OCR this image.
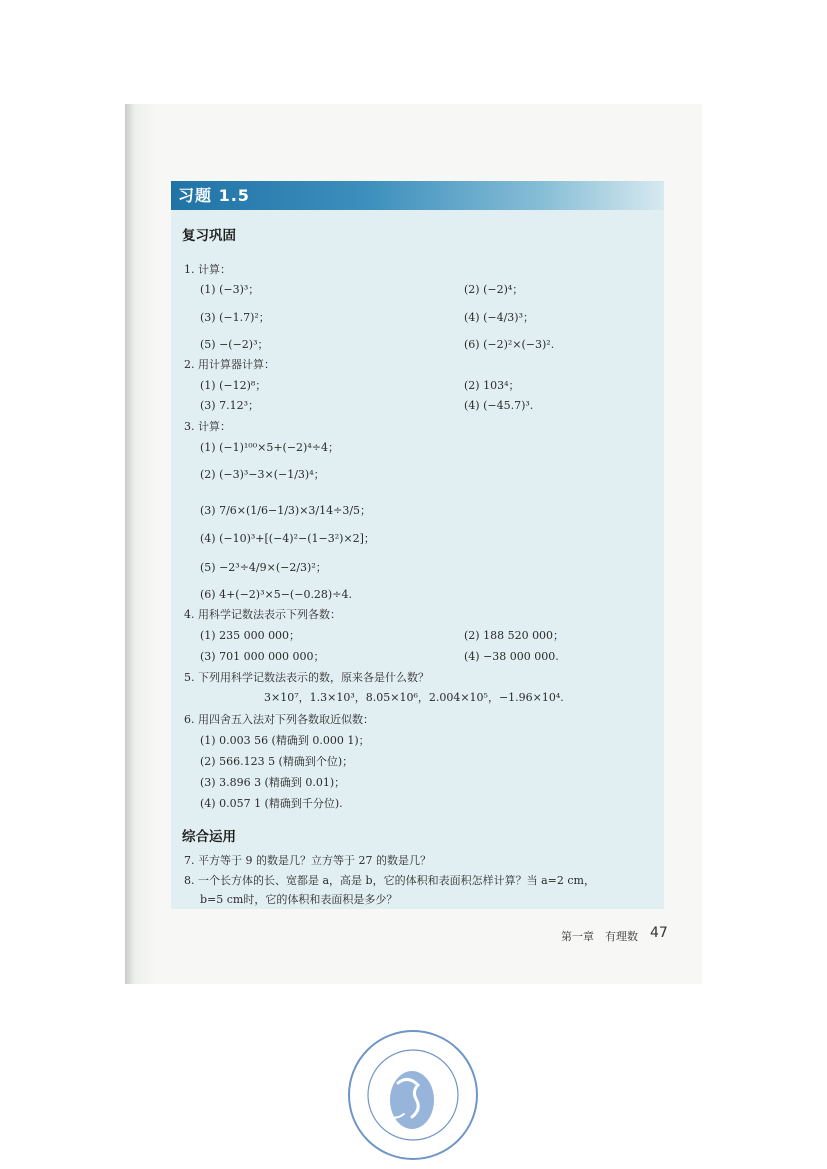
习题 1.5
复习巩固
1. 计算：
(1) (−3)³；	(2) (−2)⁴；
(3) (−1.7)²；	(4) (−4/3)³；
(5) −(−2)³；	(6) (−2)²×(−3)².
2. 用计算器计算：
(1) (−12)⁸；	(2) 103⁴；
(3) 7.12³；	(4) (−45.7)³.
3. 计算：
(1) (−1)¹⁰⁰×5+(−2)⁴÷4；
(2) (−3)³−3×(−1/3)⁴；
(3) 7/6×(1/6−1/3)×3/14÷3/5；
(4) (−10)³+[(−4)²−(1−3²)×2]；
(5) −2³÷4/9×(−2/3)²；
(6) 4+(−2)³×5−(−0.28)÷4.
4. 用科学记数法表示下列各数：
(1) 235 000 000；	(2) 188 520 000；
(3) 701 000 000 000；	(4) −38 000 000.
5. 下列用科学记数法表示的数，原来各是什么数？
3×10⁷，1.3×10³，8.05×10⁶，2.004×10⁵，−1.96×10⁴.
6. 用四舍五入法对下列各数取近似数：
(1) 0.003 56 (精确到 0.000 1)；
(2) 566.123 5 (精确到个位)；
(3) 3.896 3 (精确到 0.01)；
(4) 0.057 1 (精确到千分位).
综合运用
7. 平方等于 9 的数是几？立方等于 27 的数是几？
8. 一个长方体的长、宽都是 a，高是 b，它的体积和表面积怎样计算？当 a=2 cm，
b=5 cm时，它的体积和表面积是多少？
第一章　有理数 47
